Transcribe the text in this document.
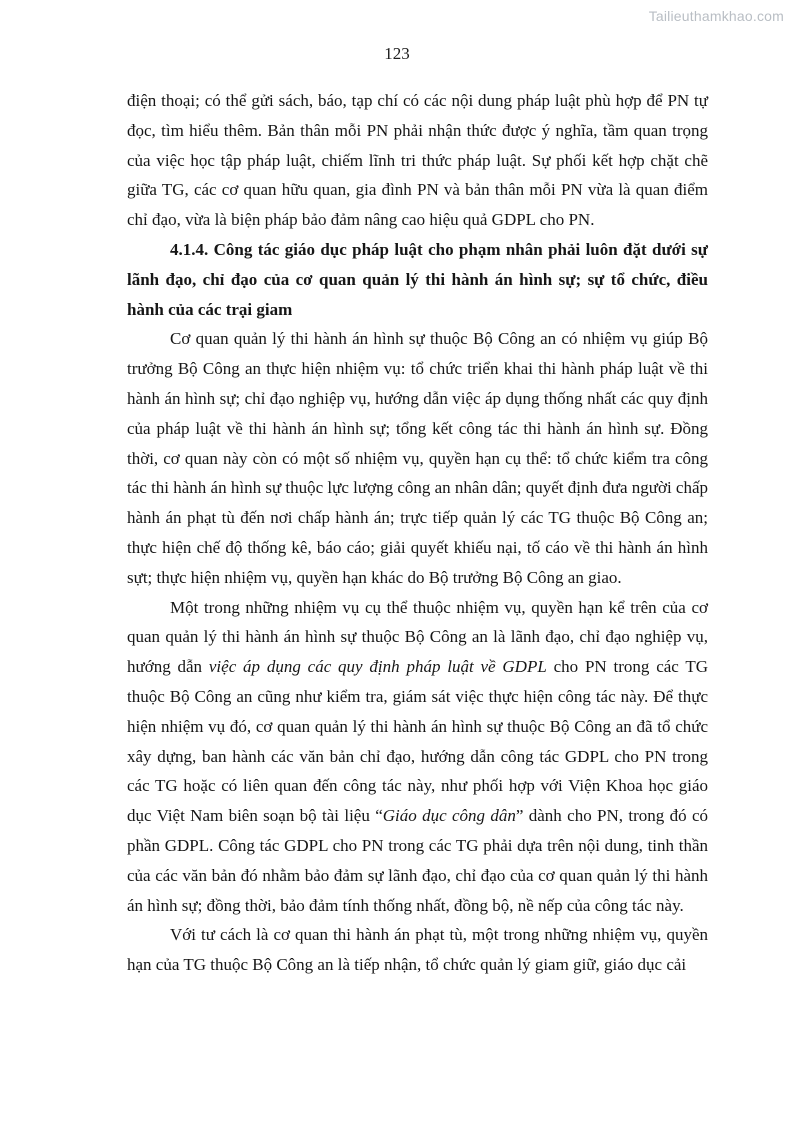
Tailieuthamkhao.com
123

điện thoại; có thể gửi sách, báo, tạp chí có các nội dung pháp luật phù hợp để PN tự đọc, tìm hiểu thêm. Bản thân mỗi PN phải nhận thức được ý nghĩa, tầm quan trọng của việc học tập pháp luật, chiếm lĩnh tri thức pháp luật. Sự phối kết hợp chặt chẽ giữa TG, các cơ quan hữu quan, gia đình PN và bản thân mỗi PN vừa là quan điểm chỉ đạo, vừa là biện pháp bảo đảm nâng cao hiệu quả GDPL cho PN.

4.1.4. Công tác giáo dục pháp luật cho phạm nhân phải luôn đặt dưới sự lãnh đạo, chỉ đạo của cơ quan quản lý thi hành án hình sự; sự tổ chức, điều hành của các trại giam

Cơ quan quản lý thi hành án hình sự thuộc Bộ Công an có nhiệm vụ giúp Bộ trưởng Bộ Công an thực hiện nhiệm vụ: tổ chức triển khai thi hành pháp luật về thi hành án hình sự; chỉ đạo nghiệp vụ, hướng dẫn việc áp dụng thống nhất các quy định của pháp luật về thi hành án hình sự; tổng kết công tác thi hành án hình sự. Đồng thời, cơ quan này còn có một số nhiệm vụ, quyền hạn cụ thể: tổ chức kiểm tra công tác thi hành án hình sự thuộc lực lượng công an nhân dân; quyết định đưa người chấp hành án phạt tù đến nơi chấp hành án; trực tiếp quản lý các TG thuộc Bộ Công an; thực hiện chế độ thống kê, báo cáo; giải quyết khiếu nại, tố cáo về thi hành án hình sựt; thực hiện nhiệm vụ, quyền hạn khác do Bộ trưởng Bộ Công an giao.

Một trong những nhiệm vụ cụ thể thuộc nhiệm vụ, quyền hạn kể trên của cơ quan quản lý thi hành án hình sự thuộc Bộ Công an là lãnh đạo, chỉ đạo nghiệp vụ, hướng dẫn việc áp dụng các quy định pháp luật về GDPL cho PN trong các TG thuộc Bộ Công an cũng như kiểm tra, giám sát việc thực hiện công tác này. Để thực hiện nhiệm vụ đó, cơ quan quản lý thi hành án hình sự thuộc Bộ Công an đã tổ chức xây dựng, ban hành các văn bản chỉ đạo, hướng dẫn công tác GDPL cho PN trong các TG hoặc có liên quan đến công tác này, như phối hợp với Viện Khoa học giáo dục Việt Nam biên soạn bộ tài liệu “Giáo dục công dân” dành cho PN, trong đó có phần GDPL. Công tác GDPL cho PN trong các TG phải dựa trên nội dung, tinh thần của các văn bản đó nhằm bảo đảm sự lãnh đạo, chỉ đạo của cơ quan quản lý thi hành án hình sự; đồng thời, bảo đảm tính thống nhất, đồng bộ, nề nếp của công tác này.

Với tư cách là cơ quan thi hành án phạt tù, một trong những nhiệm vụ, quyền hạn của TG thuộc Bộ Công an là tiếp nhận, tổ chức quản lý giam giữ, giáo dục cải
